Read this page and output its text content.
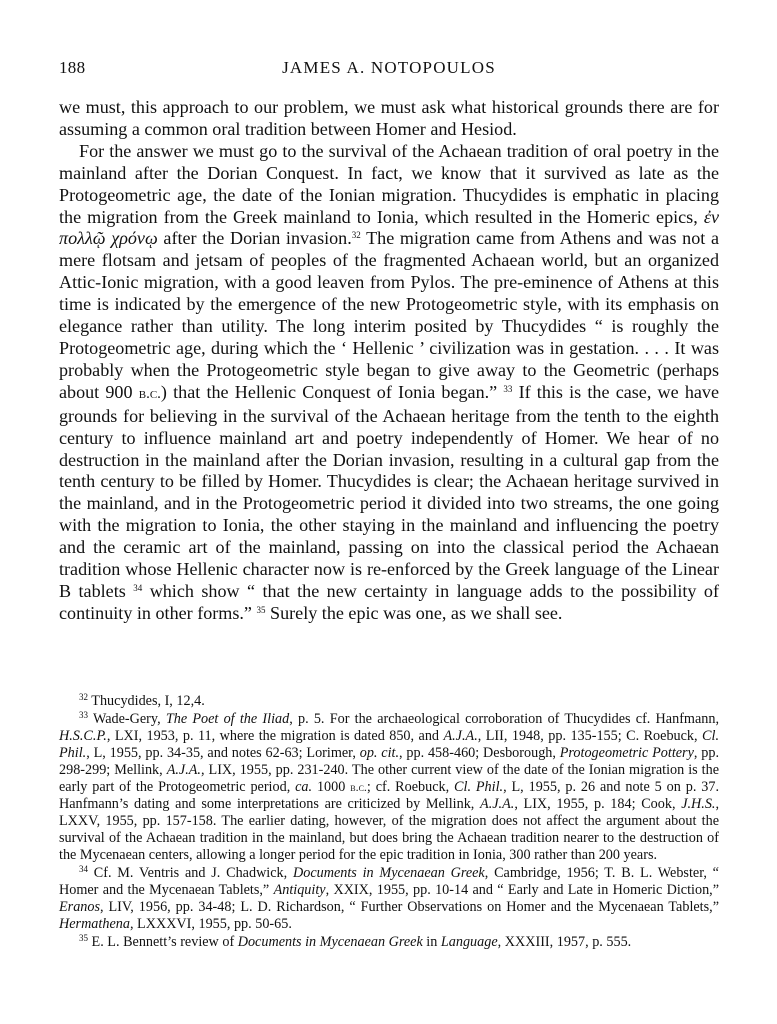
188	JAMES A. NOTOPOULOS

we must, this approach to our problem, we must ask what historical grounds there are for assuming a common oral tradition between Homer and Hesiod.

For the answer we must go to the survival of the Achaean tradition of oral poetry in the mainland after the Dorian Conquest. In fact, we know that it survived as late as the Protogeometric age, the date of the Ionian migration. Thucydides is emphatic in placing the migration from the Greek mainland to Ionia, which resulted in the Homeric epics, ἐν πολλῷ χρόνῳ after the Dorian invasion.$^{32}$ The migration came from Athens and was not a mere flotsam and jetsam of peoples of the fragmented Achaean world, but an organized Attic-Ionic migration, with a good leaven from Pylos. The pre-eminence of Athens at this time is indicated by the emergence of the new Protogeometric style, with its emphasis on elegance rather than utility. The long interim posited by Thucydides “ is roughly the Protogeometric age, during which the ‘ Hellenic ’ civilization was in gestation. . . . It was probably when the Protogeometric style began to give away to the Geometric (perhaps about 900 b.c.) that the Hellenic Conquest of Ionia began.” $^{33}$ If this is the case, we have grounds for believing in the survival of the Achaean heritage from the tenth to the eighth century to influence mainland art and poetry independently of Homer. We hear of no destruction in the mainland after the Dorian invasion, resulting in a cultural gap from the tenth century to be filled by Homer. Thucydides is clear; the Achaean heritage survived in the mainland, and in the Protogeometric period it divided into two streams, the one going with the migration to Ionia, the other staying in the mainland and influencing the poetry and the ceramic art of the mainland, passing on into the classical period the Achaean tradition whose Hellenic character now is re-enforced by the Greek language of the Linear B tablets $^{34}$ which show “ that the new certainty in language adds to the possibility of continuity in other forms.” $^{35}$ Surely the epic was one, as we shall see.

$^{32}$ Thucydides, I, 12,4.

$^{33}$ Wade-Gery, The Poet of the Iliad, p. 5. For the archaeological corroboration of Thucydides cf. Hanfmann, H.S.C.P., LXI, 1953, p. 11, where the migration is dated 850, and A.J.A., LII, 1948, pp. 135-155; C. Roebuck, Cl. Phil., L, 1955, pp. 34-35, and notes 62-63; Lorimer, op. cit., pp. 458-460; Desborough, Protogeometric Pottery, pp. 298-299; Mellink, A.J.A., LIX, 1955, pp. 231-240. The other current view of the date of the Ionian migration is the early part of the Protogeometric period, ca. 1000 b.c.; cf. Roebuck, Cl. Phil., L, 1955, p. 26 and note 5 on p. 37. Hanfmann’s dating and some interpretations are criticized by Mellink, A.J.A., LIX, 1955, p. 184; Cook, J.H.S., LXXV, 1955, pp. 157-158. The earlier dating, however, of the migration does not affect the argument about the survival of the Achaean tradition in the mainland, but does bring the Achaean tradition nearer to the destruction of the Mycenaean centers, allowing a longer period for the epic tradition in Ionia, 300 rather than 200 years.

$^{34}$ Cf. M. Ventris and J. Chadwick, Documents in Mycenaean Greek, Cambridge, 1956; T. B. L. Webster, “ Homer and the Mycenaean Tablets,” Antiquity, XXIX, 1955, pp. 10-14 and “ Early and Late in Homeric Diction,” Eranos, LIV, 1956, pp. 34-48; L. D. Richardson, “ Further Observations on Homer and the Mycenaean Tablets,” Hermathena, LXXXVI, 1955, pp. 50-65.

$^{35}$ E. L. Bennett’s review of Documents in Mycenaean Greek in Language, XXXIII, 1957, p. 555.
